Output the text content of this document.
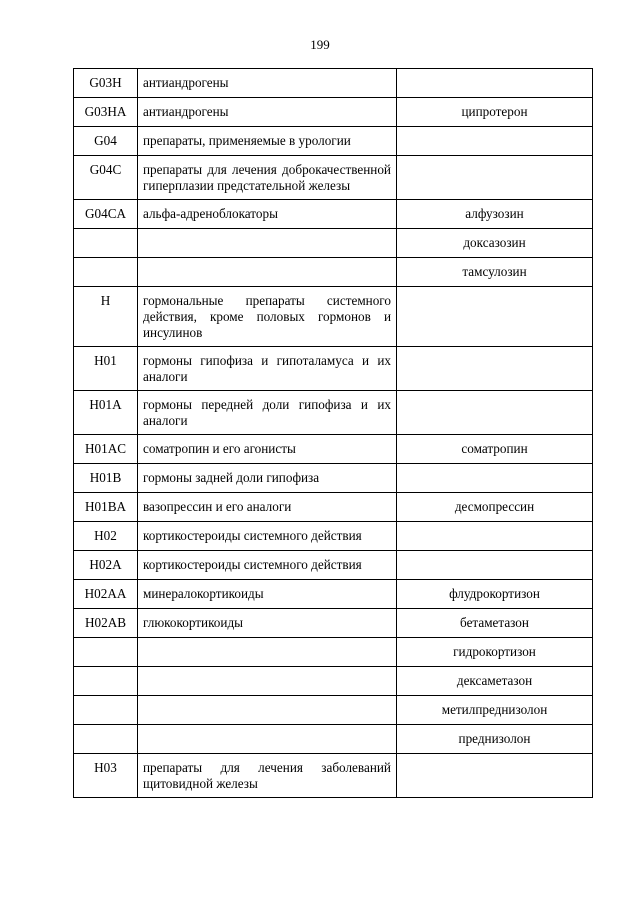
199
G03H	антиандрогены	
G03HA	антиандрогены	ципротерон
G04	препараты, применяемые в урологии	
G04C	препараты для лечения доброкачественной гиперплазии предстательной железы	
G04CA	альфа-адреноблокаторы	алфузозин
		доксазозин
		тамсулозин
H	гормональные препараты системного действия, кроме половых гормонов и инсулинов	
H01	гормоны гипофиза и гипоталамуса и их аналоги	
H01A	гормоны передней доли гипофиза и их аналоги	
H01AC	соматропин и его агонисты	соматропин
H01B	гормоны задней доли гипофиза	
H01BA	вазопрессин и его аналоги	десмопрессин
H02	кортикостероиды системного действия	
H02A	кортикостероиды системного действия	
H02AA	минералокортикоиды	флудрокортизон
H02AB	глюкокортикоиды	бетаметазон
		гидрокортизон
		дексаметазон
		метилпреднизолон
		преднизолон
H03	препараты для лечения заболеваний щитовидной железы	
